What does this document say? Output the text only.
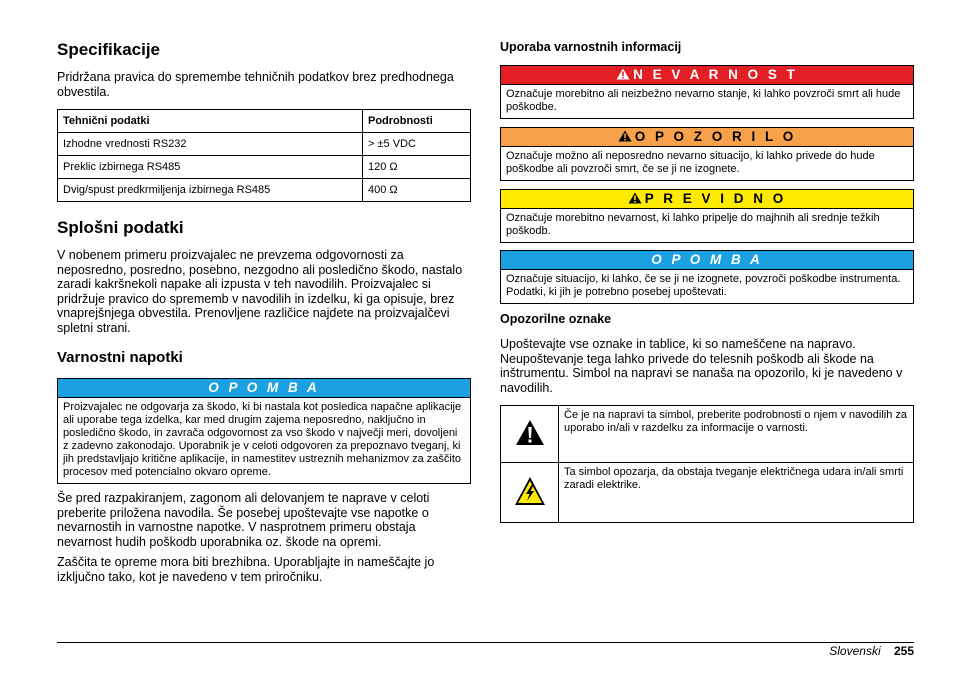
Specifikacije

Pridržana pravica do spremembe tehničnih podatkov brez predhodnega obvestila.

Tehnični podatki	Podrobnosti
Izhodne vrednosti RS232	> ±5 VDC
Preklic izbirnega RS485	120 Ω
Dvig/spust predkrmiljenja izbirnega RS485	400 Ω
Splošni podatki

V nobenem primeru proizvajalec ne prevzema odgovornosti za neposredno, posredno, posebno, nezgodno ali posledično škodo, nastalo zaradi kakršnekoli napake ali izpusta v teh navodilih. Proizvajalec si pridržuje pravico do sprememb v navodilih in izdelku, ki ga opisuje, brez vnaprejšnjega obvestila. Prenovljene različice najdete na proizvajalčevi spletni strani.

Varnostni napotki
O P O M B A
Proizvajalec ne odgovarja za škodo, ki bi nastala kot posledica napačne aplikacije ali uporabe tega izdelka, kar med drugim zajema neposredno, naključno in posledično škodo, in zavrača odgovornost za vso škodo v največji meri, dovoljeni z zadevno zakonodajo. Uporabnik je v celoti odgovoren za prepoznavo tveganj, ki jih predstavljajo kritične aplikacije, in namestitev ustreznih mehanizmov za zaščito procesov med potencialno okvaro opreme.

Še pred razpakiranjem, zagonom ali delovanjem te naprave v celoti preberite priložena navodila. Še posebej upoštevajte vse napotke o nevarnostih in varnostne napotke. V nasprotnem primeru obstaja nevarnost hudih poškodb uporabnika oz. škode na opremi.

Zaščita te opreme mora biti brezhibna. Uporabljajte in nameščajte jo izključno tako, kot je navedeno v tem priročniku.

Uporaba varnostnih informacij
N E V A R N O S T
Označuje morebitno ali neizbežno nevarno stanje, ki lahko povzroči smrt ali hude poškodbe.
O P O Z O R I L O
Označuje možno ali neposredno nevarno situacijo, ki lahko privede do hude poškodbe ali povzroči smrt, če se ji ne izognete.
P R E V I D N O
Označuje morebitno nevarnost, ki lahko pripelje do majhnih ali srednje težkih poškodb.
O P O M B A
Označuje situacijo, ki lahko, če se ji ne izognete, povzroči poškodbe instrumenta. Podatki, ki jih je potrebno posebej upoštevati.
Opozorilne oznake

Upoštevajte vse oznake in tablice, ki so nameščene na napravo. Neupoštevanje tega lahko privede do telesnih poškodb ali škode na inštrumentu. Simbol na napravi se nanaša na opozorilo, ki je navedeno v navodilih.

	Če je na napravi ta simbol, preberite podrobnosti o njem v navodilih za uporabo in/ali v razdelku za informacije o varnosti.
	Ta simbol opozarja, da obstaja tveganje električnega udara in/ali smrti zaradi elektrike.
Slovenski 255
